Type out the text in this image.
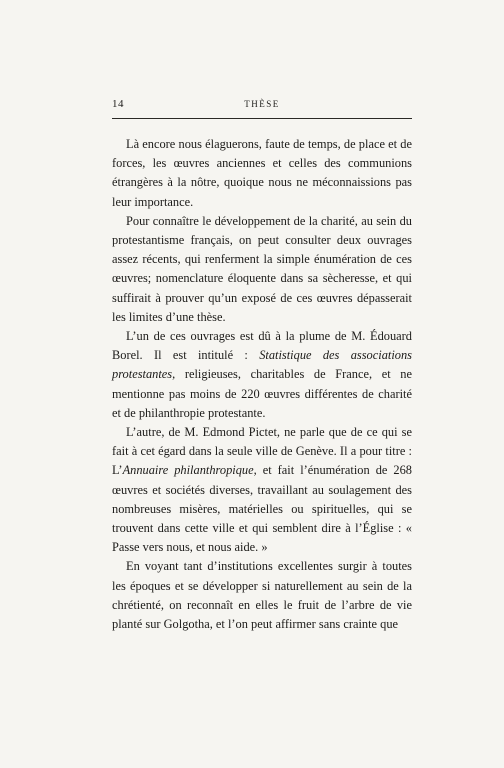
14	THÈSE

Là encore nous élaguerons, faute de temps, de place et de forces, les œuvres anciennes et celles des communions étrangères à la nôtre, quoique nous ne méconnaissions pas leur importance.

Pour connaître le développement de la charité, au sein du protestantisme français, on peut consulter deux ouvrages assez récents, qui renferment la simple énumération de ces œuvres; nomenclature éloquente dans sa sècheresse, et qui suffirait à prouver qu’un exposé de ces œuvres dépasserait les limites d’une thèse.

L’un de ces ouvrages est dû à la plume de M. Édouard Borel. Il est intitulé : Statistique des associations protestantes, religieuses, charitables de France, et ne mentionne pas moins de 220 œuvres différentes de charité et de philanthropie protestante.

L’autre, de M. Edmond Pictet, ne parle que de ce qui se fait à cet égard dans la seule ville de Genève. Il a pour titre : L’Annuaire philanthropique, et fait l’énumération de 268 œuvres et sociétés diverses, travaillant au soulagement des nombreuses misères, matérielles ou spirituelles, qui se trouvent dans cette ville et qui semblent dire à l’Église : « Passe vers nous, et nous aide. »

En voyant tant d’institutions excellentes surgir à toutes les époques et se développer si naturellement au sein de la chrétienté, on reconnaît en elles le fruit de l’arbre de vie planté sur Golgotha, et l’on peut affirmer sans crainte que
